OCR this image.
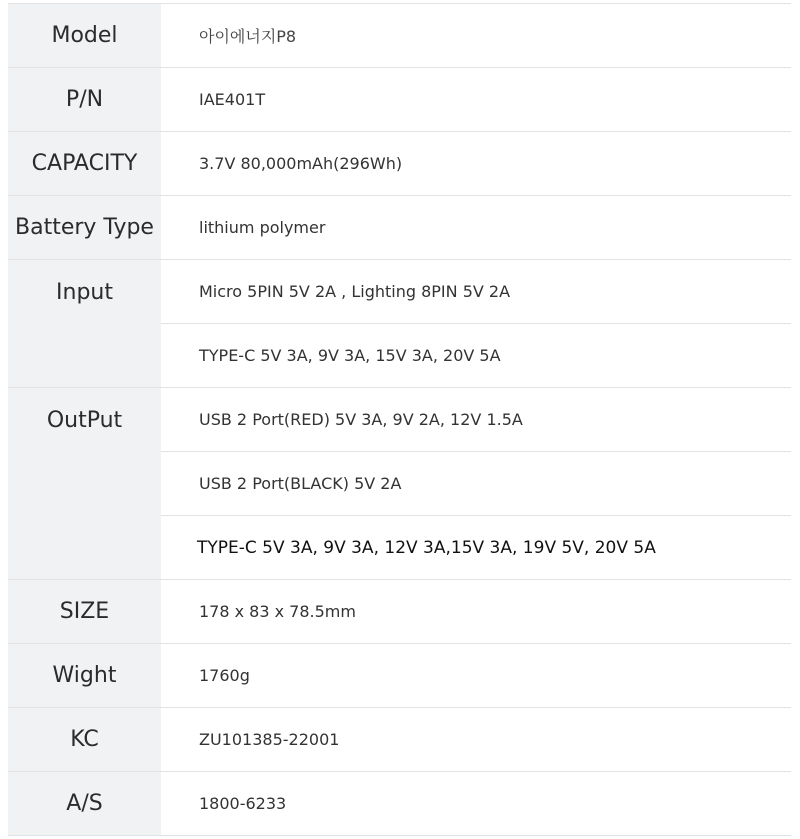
Model	아이에너지P8
P/N	IAE401T
CAPACITY	3.7V 80,000mAh(296Wh)
Battery Type	lithium polymer
Input	Micro 5PIN 5V 2A , Lighting 8PIN 5V 2A
TYPE-C 5V 3A, 9V 3A, 15V 3A, 20V 5A
OutPut	USB 2 Port(RED) 5V 3A, 9V 2A, 12V 1.5A
USB 2 Port(BLACK) 5V 2A
TYPE-C 5V 3A, 9V 3A, 12V 3A,15V 3A, 19V 5V, 20V 5A
SIZE	178 x 83 x 78.5mm
Wight	1760g
KC	ZU101385-22001
A/S	1800-6233
